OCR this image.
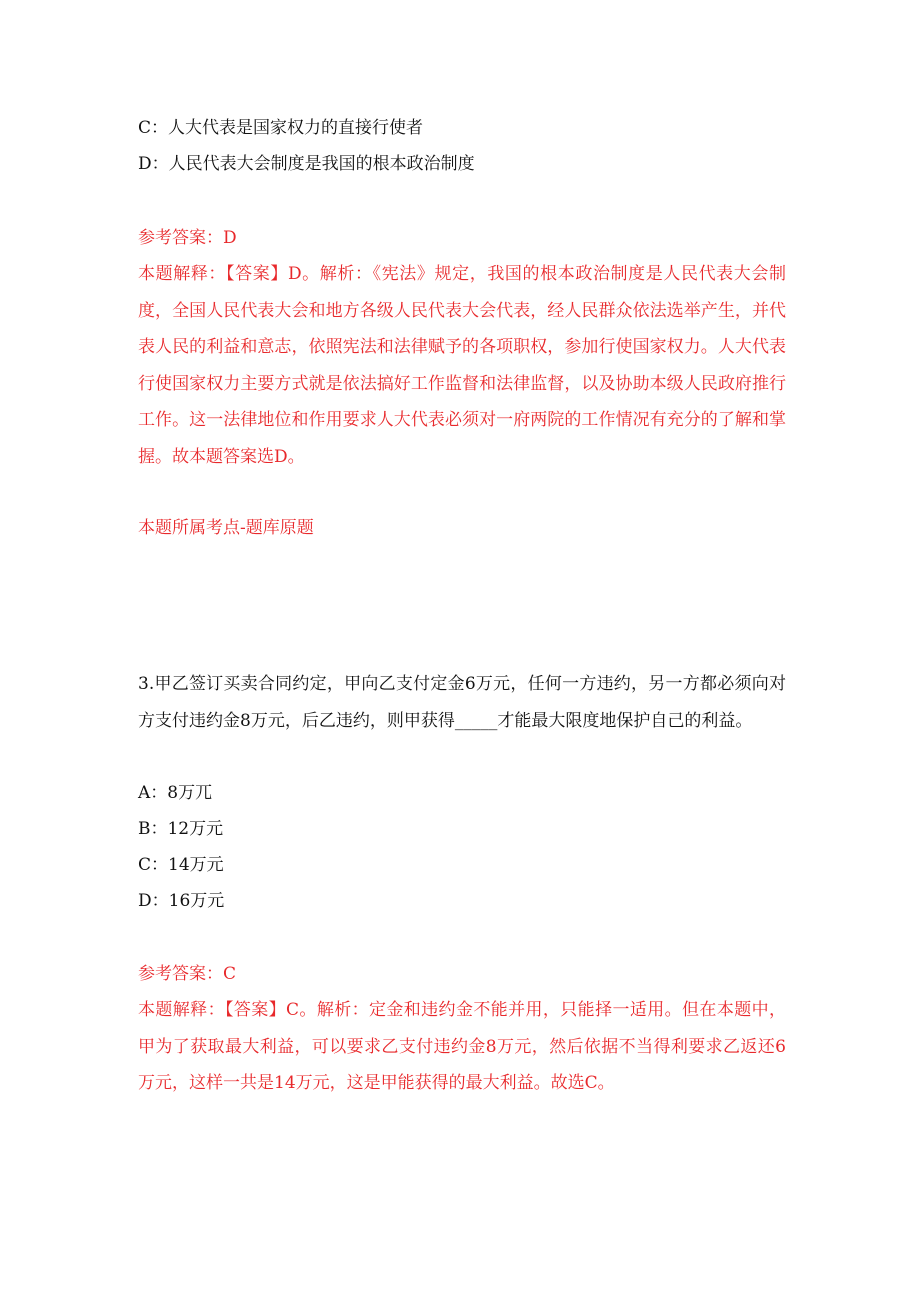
C：人大代表是国家权力的直接行使者
D：人民代表大会制度是我国的根本政治制度
参考答案：D
本题解释：【答案】D。解析：《宪法》规定，我国的根本政治制度是人民代表大会制度，全国人民代表大会和地方各级人民代表大会代表，经人民群众依法选举产生，并代表人民的利益和意志，依照宪法和法律赋予的各项职权，参加行使国家权力。人大代表行使国家权力主要方式就是依法搞好工作监督和法律监督，以及协助本级人民政府推行工作。这一法律地位和作用要求人大代表必须对一府两院的工作情况有充分的了解和掌握。故本题答案选D。
本题所属考点-题库原题
3.甲乙签订买卖合同约定，甲向乙支付定金6万元，任何一方违约，另一方都必须向对方支付违约金8万元，后乙违约，则甲获得_____才能最大限度地保护自己的利益。
A：8万兀
B：12万元
C：14万元
D：16万元
参考答案：C
本题解释：【答案】C。解析：定金和违约金不能并用，只能择一适用。但在本题中，甲为了获取最大利益，可以要求乙支付违约金8万元，然后依据不当得利要求乙返还6万元，这样一共是14万元，这是甲能获得的最大利益。故选C。
